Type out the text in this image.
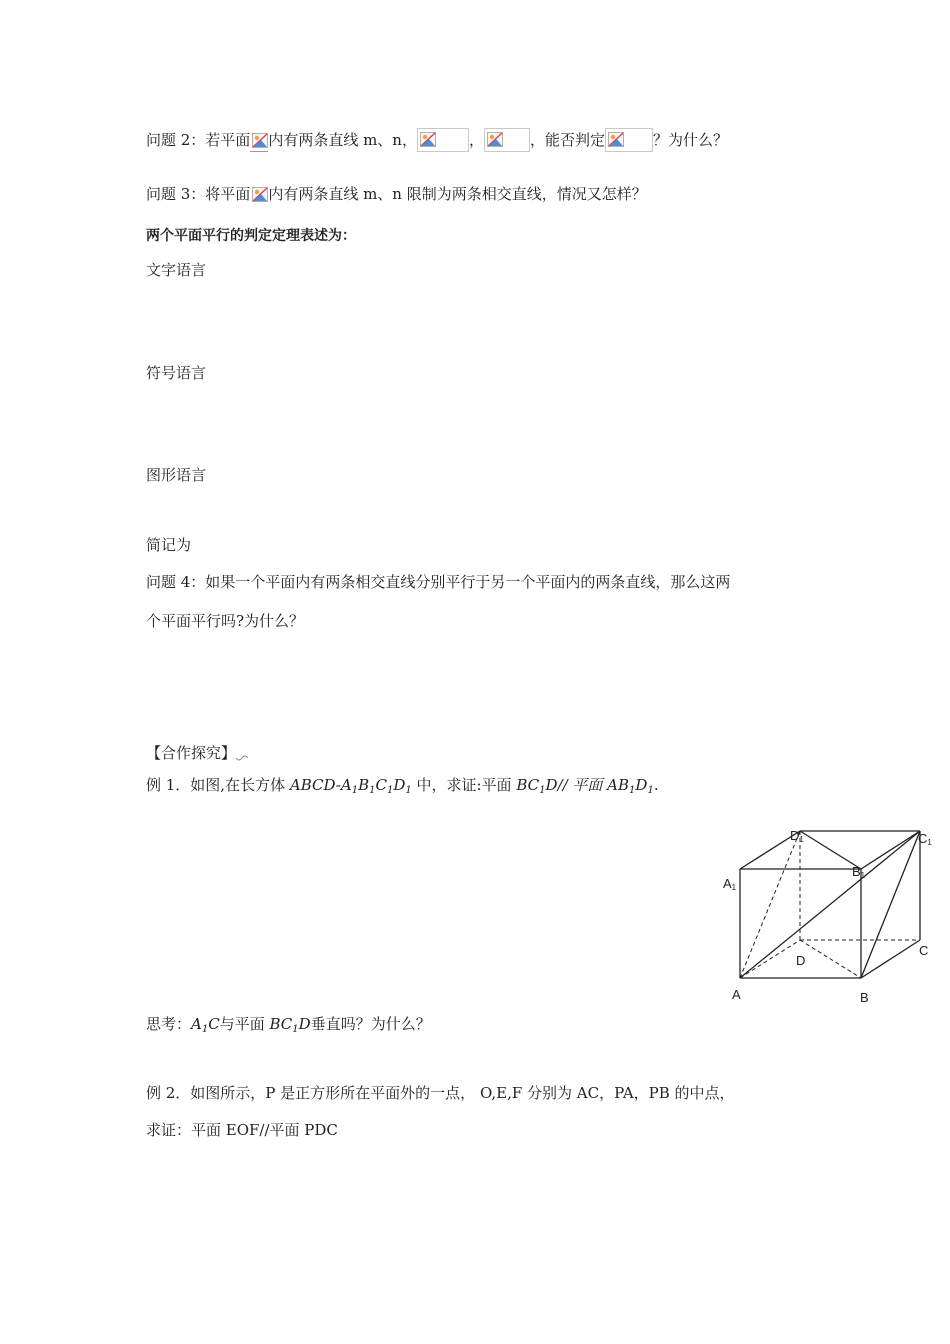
问题 2：若平面 内有两条直线 m、n，	，	，能否判定	？为什么？
问题 3：将平面 内有两条直线 m、n 限制为两条相交直线，情况又怎样？
两个平面平行的判定定理表述为：
文字语言
符号语言
图形语言
简记为
问题 4：如果一个平面内有两条相交直线分别平行于另一个平面内的两条直线，那么这两
个平面平行吗?为什么？
【合作探究】
例 1．如图,在长方体 ABCD-$A_1B_1C_1D_1$ 中，求证:平面 $BC_1D//$ 平面 $AB_1D_1$.
D1	C1
B1
A1
D
C
A	B
思考：$A_1C$与平面 $BC_1D$垂直吗？为什么？
例 2．如图所示，P 是正方形所在平面外的一点， O,E,F 分别为 AC，PA，PB 的中点，
求证：平面 EOF//平面 PDC
